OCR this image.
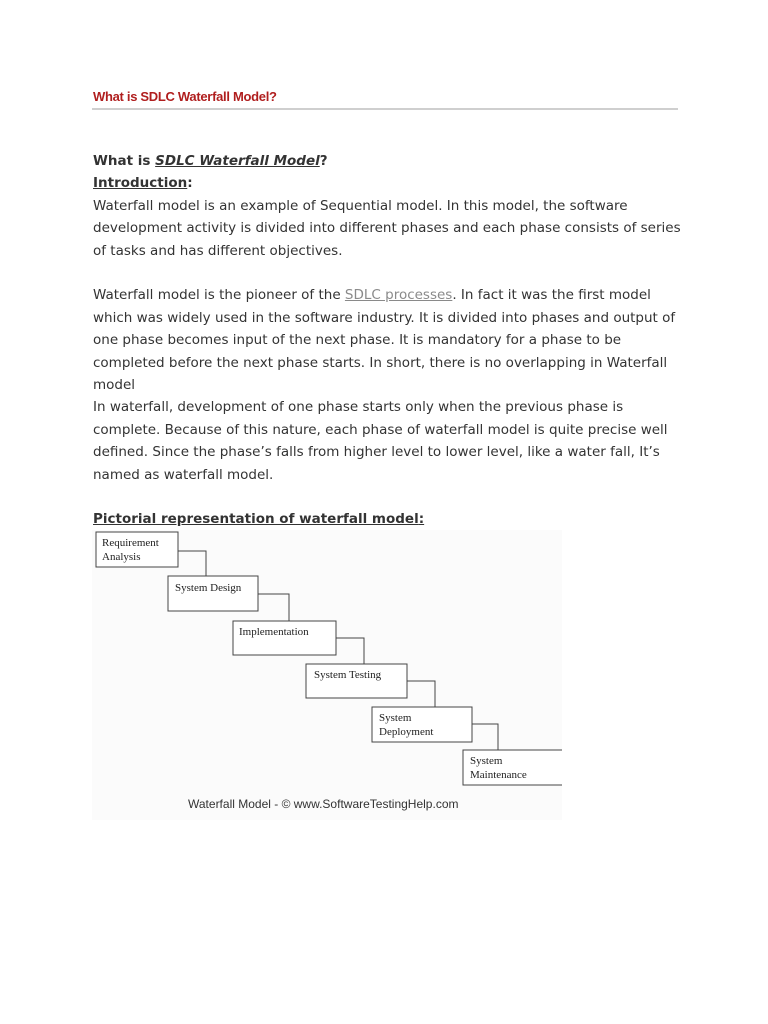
What is SDLC Waterfall Model?

What is SDLC Waterfall Model?

Introduction:

Waterfall model is an example of Sequential model. In this model, the software development activity is divided into different phases and each phase consists of series of tasks and has different objectives.

Waterfall model is the pioneer of the SDLC processes. In fact it was the first model which was widely used in the software industry. It is divided into phases and output of one phase becomes input of the next phase. It is mandatory for a phase to be completed before the next phase starts. In short, there is no overlapping in Waterfall model

In waterfall, development of one phase starts only when the previous phase is complete. Because of this nature, each phase of waterfall model is quite precise well defined. Since the phase’s falls from higher level to lower level, like a water fall, It’s named as waterfall model.

Pictorial representation of waterfall model:

Requirement
Analysis
System Design
Implementation
System Testing
System
Deployment
System
Maintenance
Waterfall Model - © www.SoftwareTestingHelp.com
